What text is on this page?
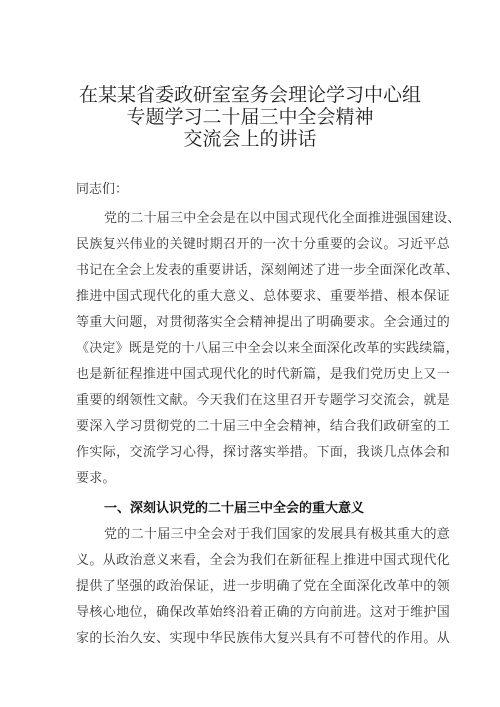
在某某省委政研室室务会理论学习中心组
专题学习二十届三中全会精神
交流会上的讲话
同志们：
党的二十届三中全会是在以中国式现代化全面推进强国建设、
民族复兴伟业的关键时期召开的一次十分重要的会议。习近平总
书记在全会上发表的重要讲话，深刻阐述了进一步全面深化改革、
推进中国式现代化的重大意义、总体要求、重要举措、根本保证
等重大问题，对贯彻落实全会精神提出了明确要求。全会通过的
《决定》既是党的十八届三中全会以来全面深化改革的实践续篇，
也是新征程推进中国式现代化的时代新篇，是我们党历史上又一
重要的纲领性文献。今天我们在这里召开专题学习交流会，就是
要深入学习贯彻党的二十届三中全会精神，结合我们政研室的工
作实际，交流学习心得，探讨落实举措。下面，我谈几点体会和
要求。
一、深刻认识党的二十届三中全会的重大意义
党的二十届三中全会对于我们国家的发展具有极其重大的意
义。从政治意义来看，全会为我们在新征程上推进中国式现代化
提供了坚强的政治保证，进一步明确了党在全面深化改革中的领
导核心地位，确保改革始终沿着正确的方向前进。这对于维护国
家的长治久安、实现中华民族伟大复兴具有不可替代的作用。从
